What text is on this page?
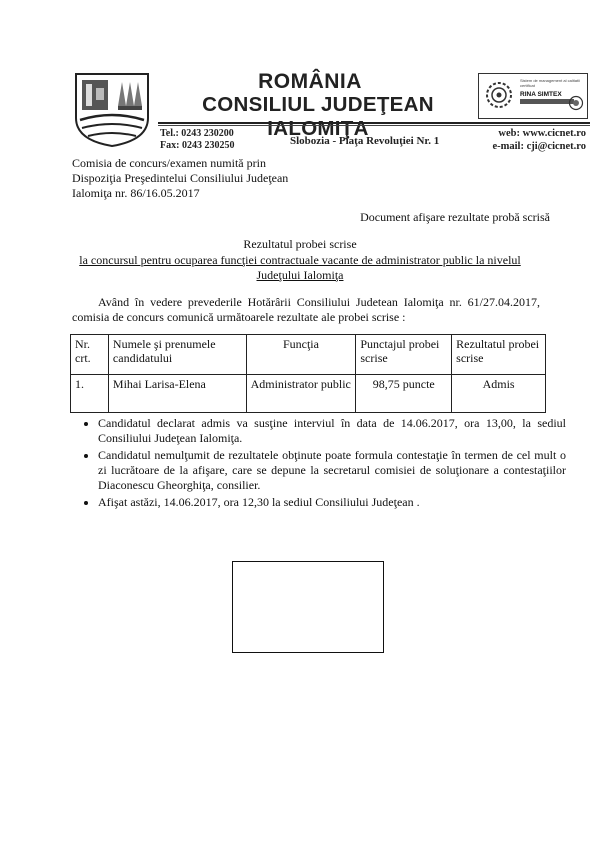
ROMÂNIA
CONSILIUL JUDEŢEAN IALOMIŢA
Sistem de management al calitatii certificat
RINA SIMTEX
Tel.: 0243 230200
Fax: 0243 230250	Slobozia - Piaţa Revoluţiei Nr. 1
web: www.cicnet.ro
e-mail: cji@cicnet.ro
Comisia de concurs/examen numită prin Dispoziţia Preşedintelui Consiliului Judeţean Ialomiţa nr. 86/16.05.2017
Document afişare rezultate probă scrisă
Rezultatul probei scrise
la concursul pentru ocuparea funcţiei contractuale vacante de administrator public la nivelul Judeţului Ialomiţa
Având în vedere prevederile Hotărârii Consiliului Judetean Ialomiţa nr. 61/27.04.2017, comisia de concurs comunică următoarele rezultate ale probei scrise :
Nr. crt.	Numele şi prenumele candidatului	Funcţia	Punctajul probei scrise	Rezultatul probei scrise
1.	Mihai Larisa-Elena	Administrator public	98,75 puncte	Admis
• Candidatul declarat admis va susţine interviul în data de 14.06.2017, ora 13,00, la sediul Consiliului Judeţean Ialomiţa.
• Candidatul nemulţumit de rezultatele obţinute poate formula contestaţie în termen de cel mult o zi lucrătoare de la afişare, care se depune la secretarul comisiei de soluţionare a contestaţiilor Diaconescu Gheorghiţa, consilier.
• Afişat astăzi, 14.06.2017, ora 12,30 la sediul Consiliului Judeţean .
